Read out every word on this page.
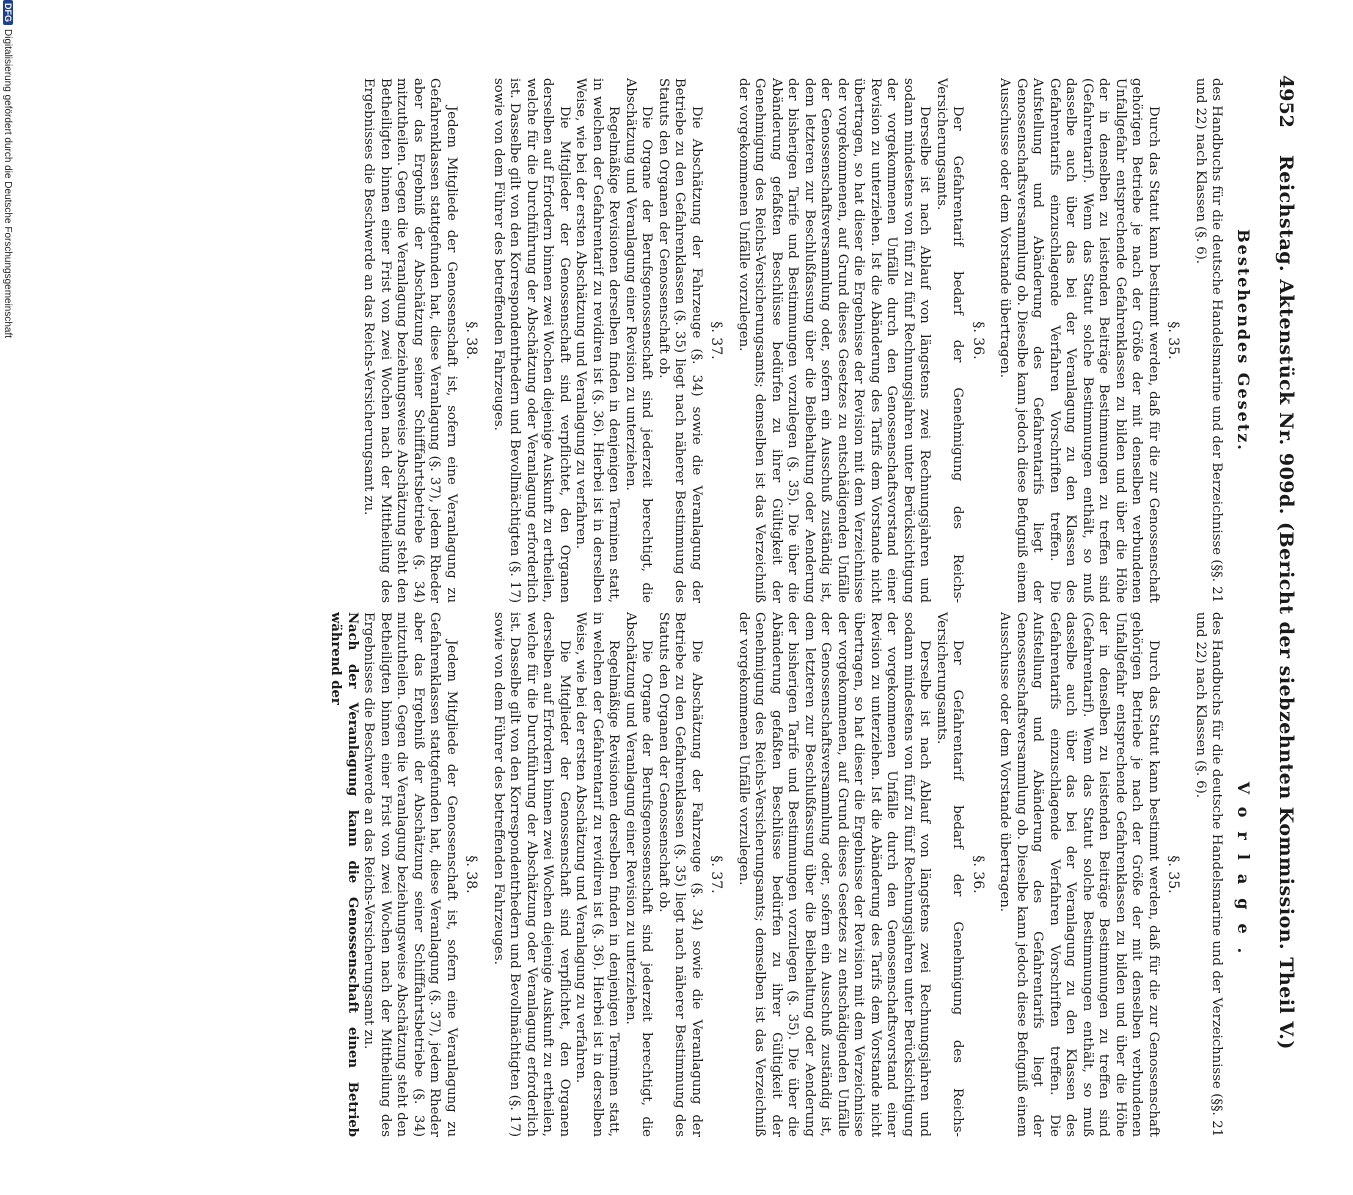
4952
Reichstag. Aktenstück Nr. 909d. (Bericht der siebzehnten Kommission. Theil V.)
Bestehendes Gesetz.

des Handbuchs für die deutsche Handelsmarine und der Berzeichnisse (§§. 21 und 22) nach Klassen (§. 6).

§. 35.

Durch das Statut kann bestimmt werden, daß für die zur Genossenschaft gehörigen Betriebe je nach der Größe der mit denselben verbundenen Unfallgefahr entsprechende Gefahrenklassen zu bilden und über die Höhe der in denselben zu leistenden Beiträge Bestimmungen zu treffen sind (Gefahrentarif). Wenn das Statut solche Bestimmungen enthält, so muß dasselbe auch über das bei der Veranlagung zu den Klassen des Gefahrentarifs einzuschlagende Verfahren Vorschriften treffen. Die Aufstellung und Abänderung des Gefahrentarifs liegt der Genossenschaftsversammlung ob. Dieselbe kann jedoch diese Befugniß einem Ausschusse oder dem Vorstande übertragen.

§. 36.

Der Gefahrentarif bedarf der Genehmigung des Reichs-Versicherungsamts.

Derselbe ist nach Ablauf von längstens zwei Rechnungsjahren und sodann mindestens von fünf zu fünf Rechnungsjahren unter Berücksichtigung der vorgekommenen Unfälle durch den Genossenschaftsvorstand einer Revision zu unterziehen. Ist die Abänderung des Tarifs dem Vorstande nicht übertragen, so hat dieser die Ergebnisse der Revision mit dem Verzeichnisse der vorgekommenen, auf Grund dieses Gesetzes zu entschädigenden Unfälle der Genossenschaftsversammlung oder, sofern ein Ausschuß zuständig ist, dem letzteren zur Beschlußfassung über die Beibehaltung oder Aenderung der bisherigen Tarife und Bestimmungen vorzulegen (§. 35). Die über die Abänderung gefaßten Beschlüsse bedürfen zu ihrer Gültigkeit der Genehmigung des Reichs-Versicherungsamts; demselben ist das Verzeichniß der vorgekommenen Unfälle vorzulegen.

§. 37.

Die Abschätzung der Fahrzeuge (§. 34) sowie die Veranlagung der Betriebe zu den Gefahrenklassen (§. 35) liegt nach näherer Bestimmung des Statuts den Organen der Genossenschaft ob.

Die Organe der Berufsgenossenschaft sind jederzeit berechtigt, die Abschätzung und Veranlagung einer Revision zu unterziehen.

Regelmäßige Revisionen derselben finden in denjenigen Terminen statt, in welchen der Gefahrentarif zu revidiren ist (§. 36). Hierbei ist in derselben Weise, wie bei der ersten Abschätzung und Veranlagung zu verfahren.

Die Mitglieder der Genossenschaft sind verpflichtet, den Organen derselben auf Erfordern binnen zwei Wochen diejenige Auskunft zu ertheilen, welche für die Durchführung der Abschätzung oder Veranlagung erforderlich ist. Dasselbe gilt von den Korrespondentrhedern und Bevollmächtigten (§. 17) sowie von dem Führer des betreffenden Fahrzeuges.

§. 38.

Jedem Mitgliede der Genossenschaft ist, sofern eine Veranlagung zu Gefahrenklassen stattgefunden hat, diese Veranlagung (§. 37), jedem Rheder aber das Ergebniß der Abschätzung seiner Schifffahrtsbetriebe (§. 34) mitzutheilen. Gegen die Veranlagung beziehungsweise Abschätzung steht den Betheiligten binnen einer Frist von zwei Wochen nach der Mittheilung des Ergebnisses die Beschwerde an das Reichs-Versicherungsamt zu.

Vorlage.

des Handbuchs für die deutsche Handelsmarine und der Verzeichnisse (§§. 21 und 22) nach Klassen (§. 6).

§. 35.

Durch das Statut kann bestimmt werden, daß für die zur Genossenschaft gehörigen Betriebe je nach der Größe der mit denselben verbundenen Unfallgefahr entsprechende Gefahrenklassen zu bilden und über die Höhe der in denselben zu leistenden Beiträge Bestimmungen zu treffen sind (Gefahrentarif). Wenn das Statut solche Bestimmungen enthält, so muß dasselbe auch über das bei der Veranlagung zu den Klassen des Gefahrentarifs einzuschlagende Verfahren Vorschriften treffen. Die Aufstellung und Abänderung des Gefahrentarifs liegt der Genossenschaftsversammlung ob. Dieselbe kann jedoch diese Befugniß einem Ausschusse oder dem Vorstande übertragen.

§. 36.

Der Gefahrentarif bedarf der Genehmigung des Reichs-Versicherungsamts.

Derselbe ist nach Ablauf von längstens zwei Rechnungsjahren und sodann mindestens von fünf zu fünf Rechnungsjahren unter Berücksichtigung der vorgekommenen Unfälle durch den Genossenschaftsvorstand einer Revision zu unterziehen. Ist die Abänderung des Tarifs dem Vorstande nicht übertragen, so hat dieser die Ergebnisse der Revision mit dem Verzeichnisse der vorgekommenen, auf Grund dieses Gesetzes zu entschädigenden Unfälle der Genossenschaftsversammlung oder, sofern ein Ausschuß zuständig ist, dem letzteren zur Beschlußfassung über die Beibehaltung oder Aenderung der bisherigen Tarife und Bestimmungen vorzulegen (§. 35). Die über die Abänderung gefaßten Beschlüsse bedürfen zu ihrer Gültigkeit der Genehmigung des Reichs-Versicherungsamts; demselben ist das Verzeichniß der vorgekommenen Unfälle vorzulegen.

§. 37.

Die Abschätzung der Fahrzeuge (§. 34) sowie die Veranlagung der Betriebe zu den Gefahrenklassen (§. 35) liegt nach näherer Bestimmung des Statuts den Organen der Genossenschaft ob.

Die Organe der Berufsgenossenschaft sind jederzeit berechtigt, die Abschätzung und Veranlagung einer Revision zu unterziehen.

Regelmäßige Revisionen derselben finden in denjenigen Terminen statt, in welchen der Gefahrentarif zu revidiren ist (§. 36). Hierbei ist in derselben Weise, wie bei der ersten Abschätzung und Veranlagung zu verfahren.

Die Mitglieder der Genossenschaft sind verpflichtet, den Organen derselben auf Erfordern binnen zwei Wochen diejenige Auskunft zu ertheilen, welche für die Durchführung der Abschätzung oder Veranlagung erforderlich ist. Dasselbe gilt von den Korrespondentrhedern und Bevollmächtigten (§. 17) sowie von dem Führer des betreffenden Fahrzeuges.

§. 38.

Jedem Mitgliede der Genossenschaft ist, sofern eine Veranlagung zu Gefahrenklassen stattgefunden hat, diese Veranlagung (§. 37), jedem Rheder aber das Ergebniß der Abschätzung seiner Schifffahrtsbetriebe (§. 34) mitzutheilen. Gegen die Veranlagung beziehungsweise Abschätzung steht den Betheiligten binnen einer Frist von zwei Wochen nach der Mittheilung des Ergebnisses die Beschwerde an das Reichs-Versicherungsamt zu.

Nach der Veranlagung kann die Genossenschaft einen Betrieb während der

DFGDigitalisierung gefördert durch die Deutsche Forschungsgemeinschaft
